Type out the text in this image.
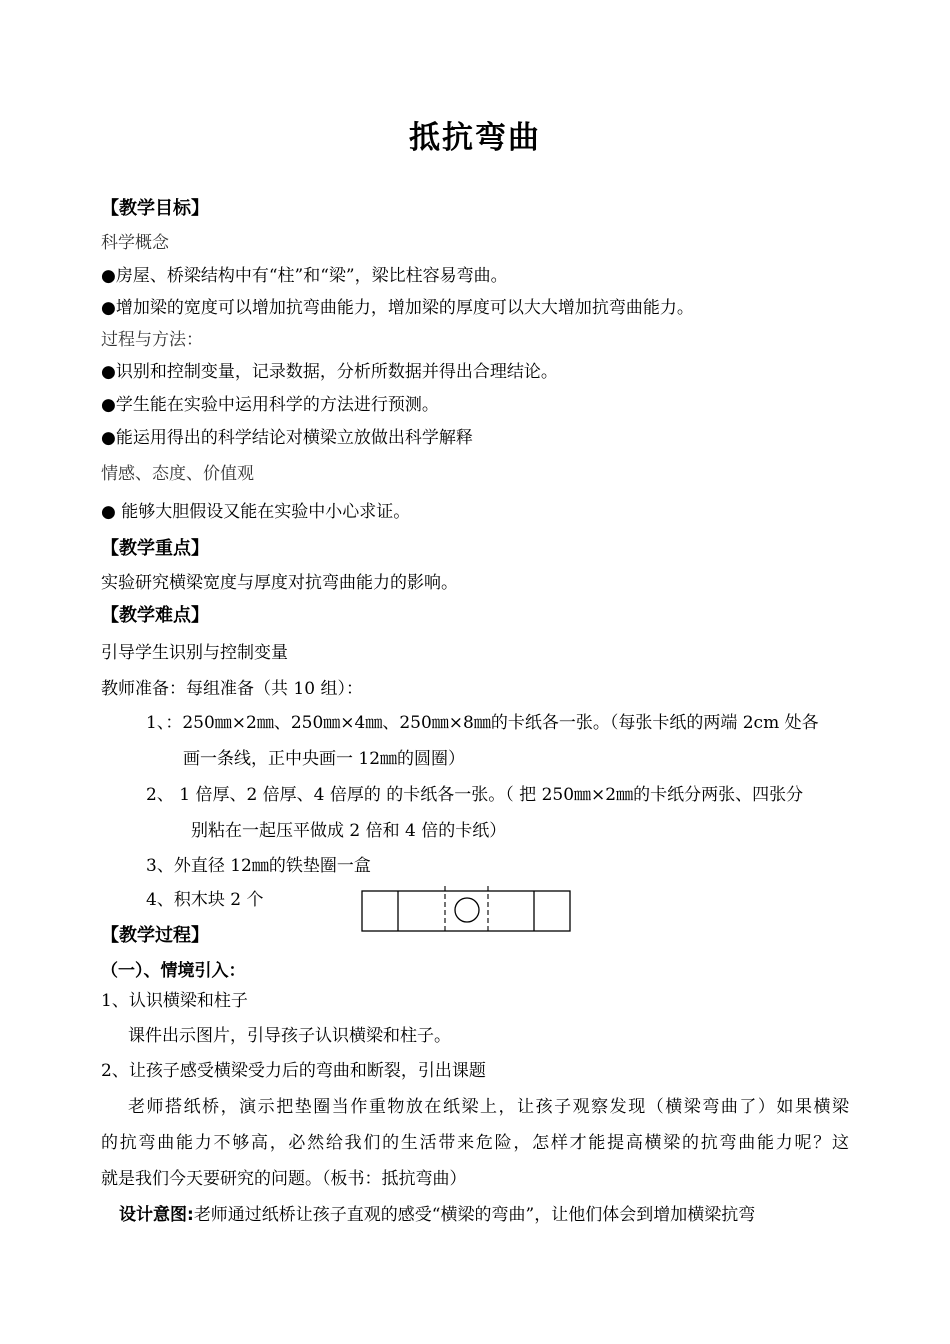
抵抗弯曲
【教学目标】
科学概念
●房屋、桥梁结构中有“柱”和“梁”，梁比柱容易弯曲。
●增加梁的宽度可以增加抗弯曲能力，增加梁的厚度可以大大增加抗弯曲能力。
过程与方法：
●识别和控制变量，记录数据，分析所数据并得出合理结论。
●学生能在实验中运用科学的方法进行预测。
●能运用得出的科学结论对横梁立放做出科学解释
情感、态度、价值观
● 能够大胆假设又能在实验中小心求证。
【教学重点】
实验研究横梁宽度与厚度对抗弯曲能力的影响。
【教学难点】
引导学生识别与控制变量
教师准备：每组准备（共 10 组）：
1、：250㎜×2㎜、250㎜×4㎜、250㎜×8㎜的卡纸各一张。（每张卡纸的两端 2cm 处各
画一条线，正中央画一 12㎜的圆圈）
2、 1 倍厚、2 倍厚、4 倍厚的 的卡纸各一张。（ 把 250㎜×2㎜的卡纸分两张、四张分
别粘在一起压平做成 2 倍和 4 倍的卡纸）
3、外直径 12㎜的铁垫圈一盒
4、积木块 2 个
【教学过程】
（一）、情境引入：
1、认识横梁和柱子
课件出示图片，引导孩子认识横梁和柱子。
2、让孩子感受横梁受力后的弯曲和断裂，引出课题
老师搭纸桥，演示把垫圈当作重物放在纸梁上，让孩子观察发现（横梁弯曲了）如果横梁
的抗弯曲能力不够高，必然给我们的生活带来危险，怎样才能提高横梁的抗弯曲能力呢？这
就是我们今天要研究的问题。（板书：抵抗弯曲）
设计意图:老师通过纸桥让孩子直观的感受“横梁的弯曲”，让他们体会到增加横梁抗弯
